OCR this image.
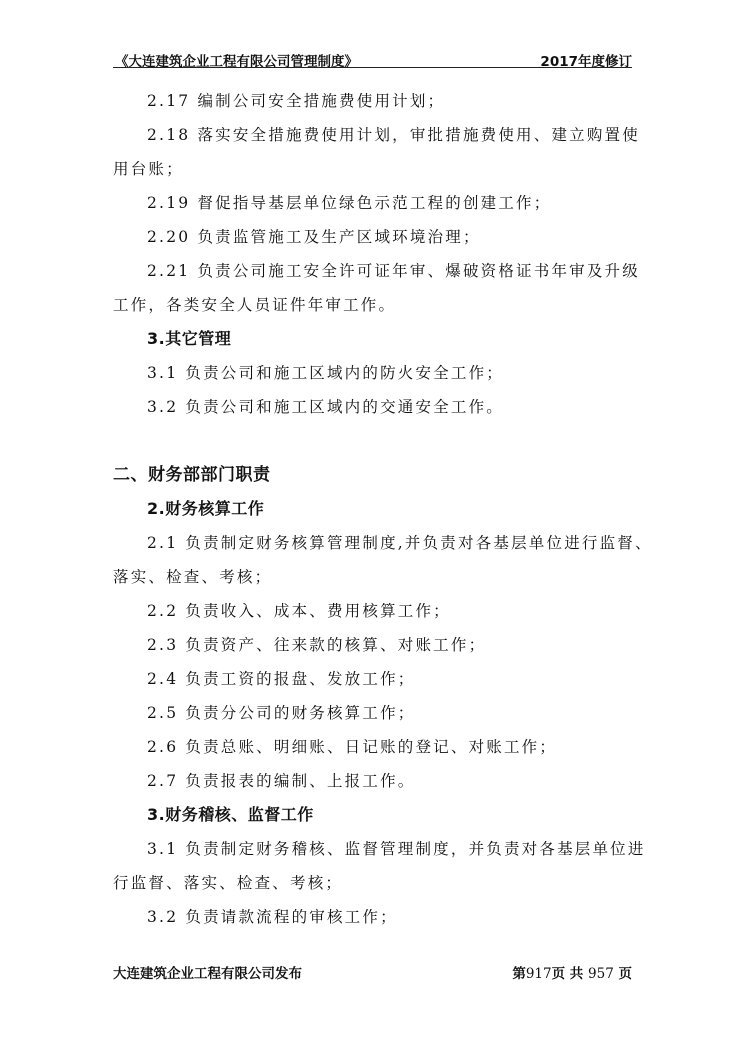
《大连建筑企业工程有限公司管理制度》	2017年度修订

2.17 编制公司安全措施费使用计划；

2.18 落实安全措施费使用计划，审批措施费使用、建立购置使

用台账；

2.19 督促指导基层单位绿色示范工程的创建工作；

2.20 负责监管施工及生产区域环境治理；

2.21 负责公司施工安全许可证年审、爆破资格证书年审及升级

工作，各类安全人员证件年审工作。

3.其它管理

3.1 负责公司和施工区域内的防火安全工作；

3.2 负责公司和施工区域内的交通安全工作。

二、财务部部门职责

2.财务核算工作

2.1 负责制定财务核算管理制度,并负责对各基层单位进行监督、

落实、检查、考核；

2.2 负责收入、成本、费用核算工作；

2.3 负责资产、往来款的核算、对账工作；

2.4 负责工资的报盘、发放工作；

2.5 负责分公司的财务核算工作；

2.6 负责总账、明细账、日记账的登记、对账工作；

2.7 负责报表的编制、上报工作。

3.财务稽核、监督工作

3.1 负责制定财务稽核、监督管理制度，并负责对各基层单位进

行监督、落实、检查、考核；

3.2 负责请款流程的审核工作；

大连建筑企业工程有限公司发布	第917页 共 957 页
